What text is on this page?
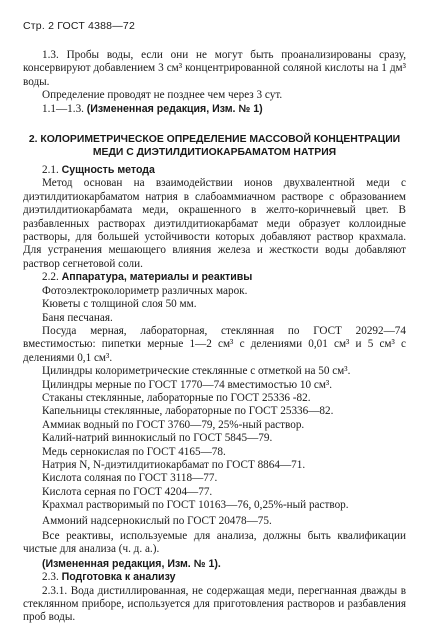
Стр. 2 ГОСТ 4388—72

1.3. Пробы воды, если они не могут быть проанализированы сразу, консервируют добавлением 3 см³ концентрированной соляной кислоты на 1 дм³ воды.

Определение проводят не позднее чем через 3 сут.

1.1—1.3. (Измененная редакция, Изм. № 1)

2. КОЛОРИМЕТРИЧЕСКОЕ ОПРЕДЕЛЕНИЕ МАССОВОЙ КОНЦЕНТРАЦИИ МЕДИ С ДИЭТИЛДИТИОКАРБАМАТОМ НАТРИЯ

2.1. Сущность метода

Метод основан на взаимодействии ионов двухвалентной меди с диэтилдитиокарбаматом натрия в слабоаммиачном растворе с образованием диэтилдитиокарбамата меди, окрашенного в желто-коричневый цвет. В разбавленных растворах диэтилдитиокарбамат меди образует коллоидные растворы, для большей устойчивости которых добавляют раствор крахмала. Для устранения мешающего влияния железа и жесткости воды добавляют раствор сегнетовой соли.

2.2. Аппаратура, материалы и реактивы

Фотоэлектроколориметр различных марок.

Кюветы с толщиной слоя 50 мм.

Баня песчаная.

Посуда мерная, лабораторная, стеклянная по ГОСТ 20292—74 вместимостью: пипетки мерные 1—2 см³ с делениями 0,01 см³ и 5 см³ с делениями 0,1 см³.

Цилиндры колориметрические стеклянные с отметкой на 50 см³.

Цилиндры мерные по ГОСТ 1770—74 вместимостью 10 см³.

Стаканы стеклянные, лабораторные по ГОСТ 25336 -82.

Капельницы стеклянные, лабораторные по ГОСТ 25336—82.

Аммиак водный по ГОСТ 3760—79, 25%-ный раствор.

Калий-натрий виннокислый по ГОСТ 5845—79.

Медь сернокислая по ГОСТ 4165—78.

Натрия N, N-диэтилдитиокарбамат по ГОСТ 8864—71.

Кислота соляная по ГОСТ 3118—77.

Кислота серная по ГОСТ 4204—77.

Крахмал растворимый по ГОСТ 10163—76, 0,25%-ный раствор.

Аммоний надсернокислый по ГОСТ 20478—75.

Все реактивы, используемые для анализа, должны быть квалификации чистые для анализа (ч. д. а.).

(Измененная редакция, Изм. № 1).

2.3. Подготовка к анализу

2.3.1. Вода дистиллированная, не содержащая меди, перегнанная дважды в стеклянном приборе, используется для приготовления растворов и разбавления проб воды.
